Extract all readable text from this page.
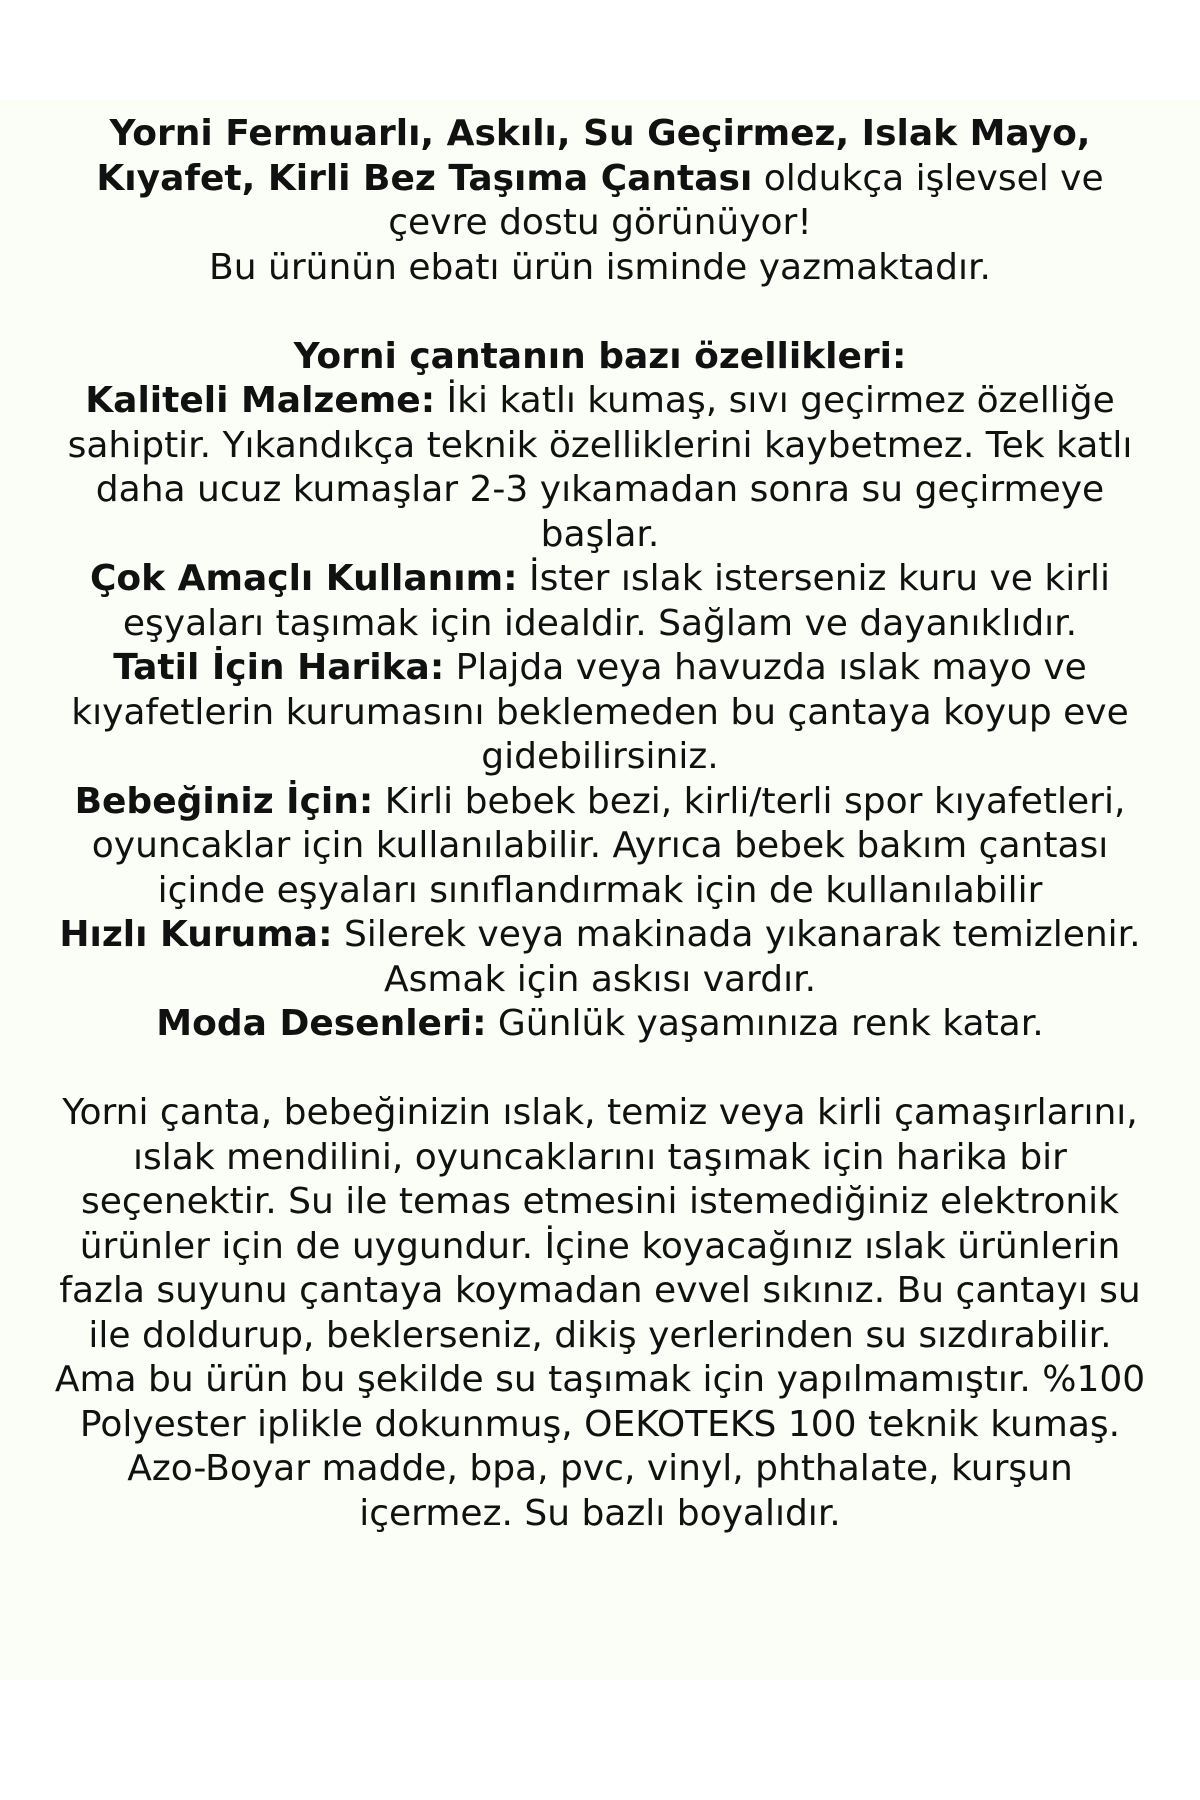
Yorni Fermuarlı, Askılı, Su Geçirmez, Islak Mayo, Kıyafet, Kirli Bez Taşıma Çantası oldukça işlevsel ve çevre dostu görünüyor!

Bu ürünün ebatı ürün isminde yazmaktadır.

Yorni çantanın bazı özellikleri:

Kaliteli Malzeme: İki katlı kumaş, sıvı geçirmez özelliğe sahiptir. Yıkandıkça teknik özelliklerini kaybetmez. Tek katlı daha ucuz kumaşlar 2-3 yıkamadan sonra su geçirmeye başlar.

Çok Amaçlı Kullanım: İster ıslak isterseniz kuru ve kirli eşyaları taşımak için idealdir. Sağlam ve dayanıklıdır.

Tatil İçin Harika: Plajda veya havuzda ıslak mayo ve kıyafetlerin kurumasını beklemeden bu çantaya koyup eve gidebilirsiniz.

Bebeğiniz İçin: Kirli bebek bezi, kirli/terli spor kıyafetleri, oyuncaklar için kullanılabilir. Ayrıca bebek bakım çantası içinde eşyaları sınıflandırmak için de kullanılabilir

Hızlı Kuruma: Silerek veya makinada yıkanarak temizlenir. Asmak için askısı vardır.

Moda Desenleri: Günlük yaşamınıza renk katar.

Yorni çanta, bebeğinizin ıslak, temiz veya kirli çamaşırlarını, ıslak mendilini, oyuncaklarını taşımak için harika bir seçenektir. Su ile temas etmesini istemediğiniz elektronik ürünler için de uygundur. İçine koyacağınız ıslak ürünlerin fazla suyunu çantaya koymadan evvel sıkınız. Bu çantayı su ile doldurup, beklerseniz, dikiş yerlerinden su sızdırabilir. Ama bu ürün bu şekilde su taşımak için yapılmamıştır. %100 Polyester iplikle dokunmuş, OEKOTEKS 100 teknik kumaş. Azo-Boyar madde, bpa, pvc, vinyl, phthalate, kurşun içermez. Su bazlı boyalıdır.
